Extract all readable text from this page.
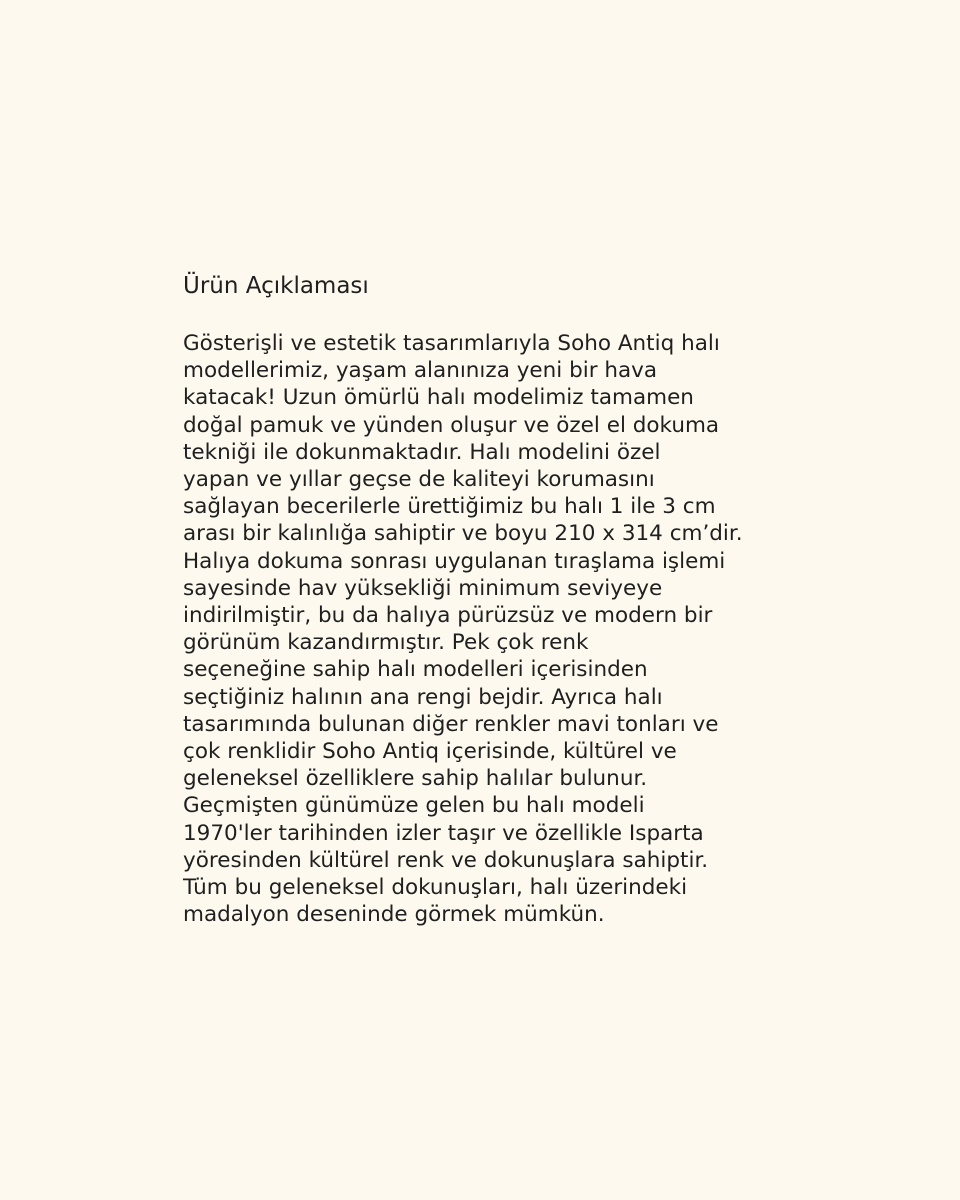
Ürün Açıklaması

Gösterişli ve estetik tasarımlarıyla Soho Antiq halı
modellerimiz, yaşam alanınıza yeni bir hava
katacak! Uzun ömürlü halı modelimiz tamamen
doğal pamuk ve yünden oluşur ve özel el dokuma
tekniği ile dokunmaktadır. Halı modelini özel
yapan ve yıllar geçse de kaliteyi korumasını
sağlayan becerilerle ürettiğimiz bu halı 1 ile 3 cm
arası bir kalınlığa sahiptir ve boyu 210 x 314 cm’dir.
Halıya dokuma sonrası uygulanan tıraşlama işlemi
sayesinde hav yüksekliği minimum seviyeye
indirilmiştir, bu da halıya pürüzsüz ve modern bir
görünüm kazandırmıştır. Pek çok renk
seçeneğine sahip halı modelleri içerisinden
seçtiğiniz halının ana rengi bejdir. Ayrıca halı
tasarımında bulunan diğer renkler mavi tonları ve
çok renklidir Soho Antiq içerisinde, kültürel ve
geleneksel özelliklere sahip halılar bulunur.
Geçmişten günümüze gelen bu halı modeli
1970'ler tarihinden izler taşır ve özellikle Isparta
yöresinden kültürel renk ve dokunuşlara sahiptir.
Tüm bu geleneksel dokunuşları, halı üzerindeki
madalyon deseninde görmek mümkün.
